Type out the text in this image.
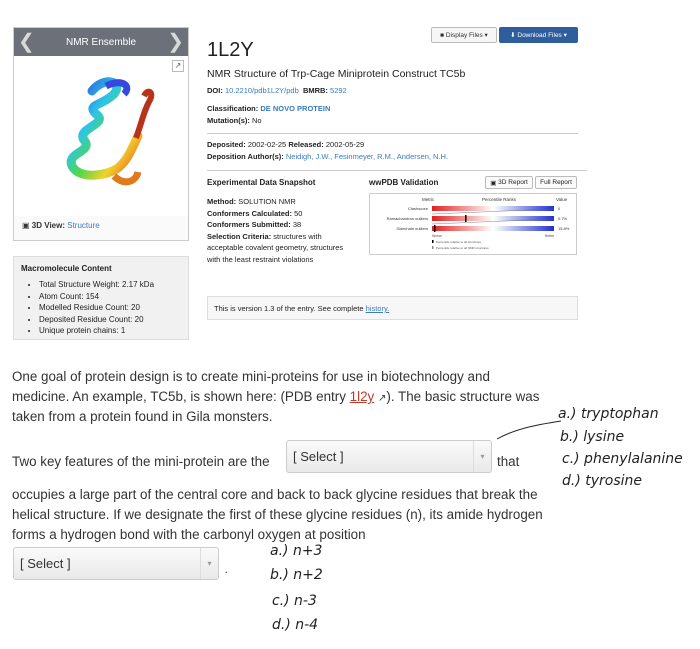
❮	NMR Ensemble ❯
↗
▣ 3D View: Structure
Macromolecule Content
• Total Structure Weight: 2.17 kDa
• Atom Count: 154
• Modelled Residue Count: 20
• Deposited Residue Count: 20
• Unique protein chains: 1
■ Display Files ▾	⬇ Download Files ▾
1L2Y
NMR Structure of Trp-Cage Miniprotein Construct TC5b
DOI: 10.2210/pdb1L2Y/pdb BMRB: 5292
Classification: DE NOVO PROTEIN
Mutation(s): No
Deposited: 2002-02-25 Released: 2002-05-29
Deposition Author(s): Neidigh, J.W., Fesinmeyer, R.M., Andersen, N.H.
Experimental Data Snapshot
Method: SOLUTION NMR
Conformers Calculated: 50
Conformers Submitted: 38
Selection Criteria: structures with acceptable covalent geometry, structures with the least restraint violations
wwPDB Validation	▣ 3D Report	Full Report
Metric	Percentile Ranks	Value
Clashscore	0
Ramachandran outliers	0.7%
Sidechain outliers	15.8%
Worse	Better
Percentile relative to all structures
Percentile relative to all NMR structures
This is version 1.3 of the entry. See complete history.
One goal of protein design is to create mini-proteins for use in biotechnology and
medicine. An example, TC5b, is shown here: (PDB entry 1l2y ↗). The basic structure was
taken from a protein found in Gila monsters.
Two key features of the mini-protein are the	[ Select ]	▾ that
occupies a large part of the central core and back to back glycine residues that break the
helical structure. If we designate the first of these glycine residues (n), its amide hydrogen
forms a hydrogen bond with the carbonyl oxygen at position
[ Select ]	▾
a.) tryptophan
b.) lysine
c.) phenylalanine
d.) tyrosine
.
a.) n+3
b.) n+2
c.) n-3
d.) n-4
